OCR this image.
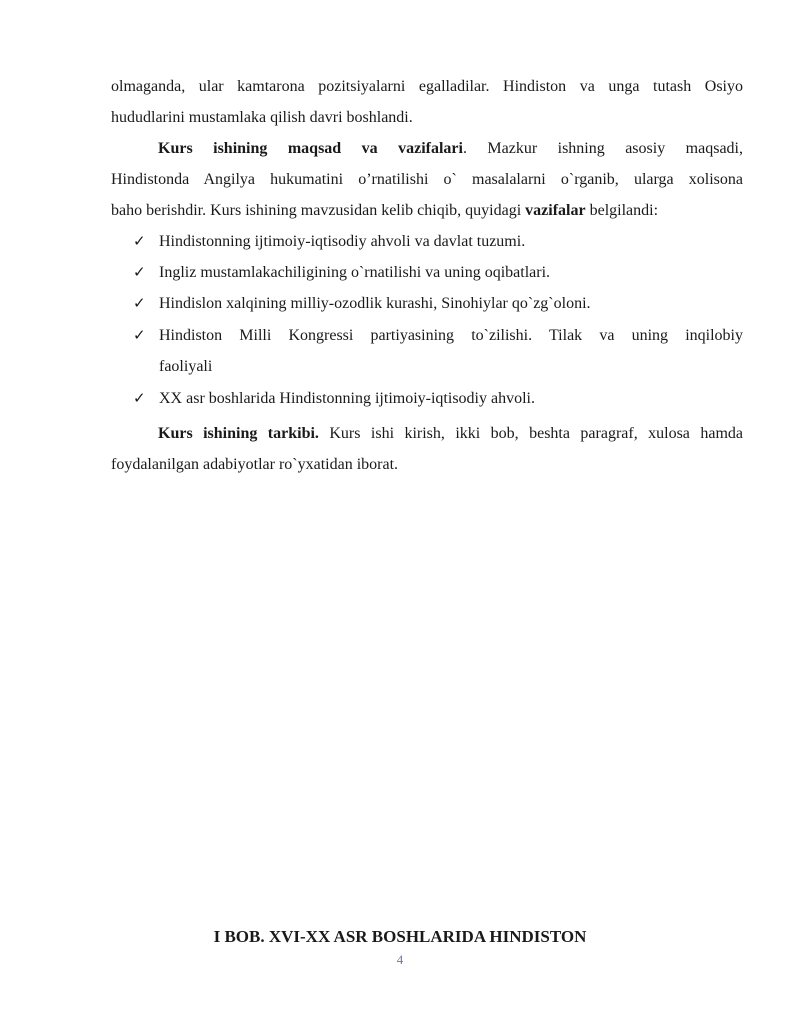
olmaganda, ular kamtarona pozitsiyalarni egalladilar. Hindiston va unga tutash Osiyo
hududlarini mustamlaka qilish davri boshlandi.
Kurs ishining maqsad va vazifalari. Mazkur ishning asosiy maqsadi,
Hindistonda Angilya hukumatini o’rnatilishi o` masalalarni o`rganib, ularga xolisona
baho berishdir. Kurs ishining mavzusidan kelib chiqib, quyidagi vazifalar belgilandi:
✓ Hindistonning ijtimoiy-iqtisodiy ahvoli va davlat tuzumi.
✓ Ingliz mustamlakachiligining o`rnatilishi va uning oqibatlari.
✓ Hindislon xalqining milliy-ozodlik kurashi, Sinohiylar qo`zg`oloni.
✓ Hindiston Milli Kongressi partiyasining to`zilishi. Tilak va uning inqilobiy
faoliyali
✓ XX asr boshlarida Hindistonning ijtimoiy-iqtisodiy ahvoli.
Kurs ishining tarkibi. Kurs ishi kirish, ikki bob, beshta paragraf, xulosa hamda
foydalanilgan adabiyotlar ro`yxatidan iborat.
I BOB. XVI-XX ASR BOSHLARIDA HINDISTON
4
